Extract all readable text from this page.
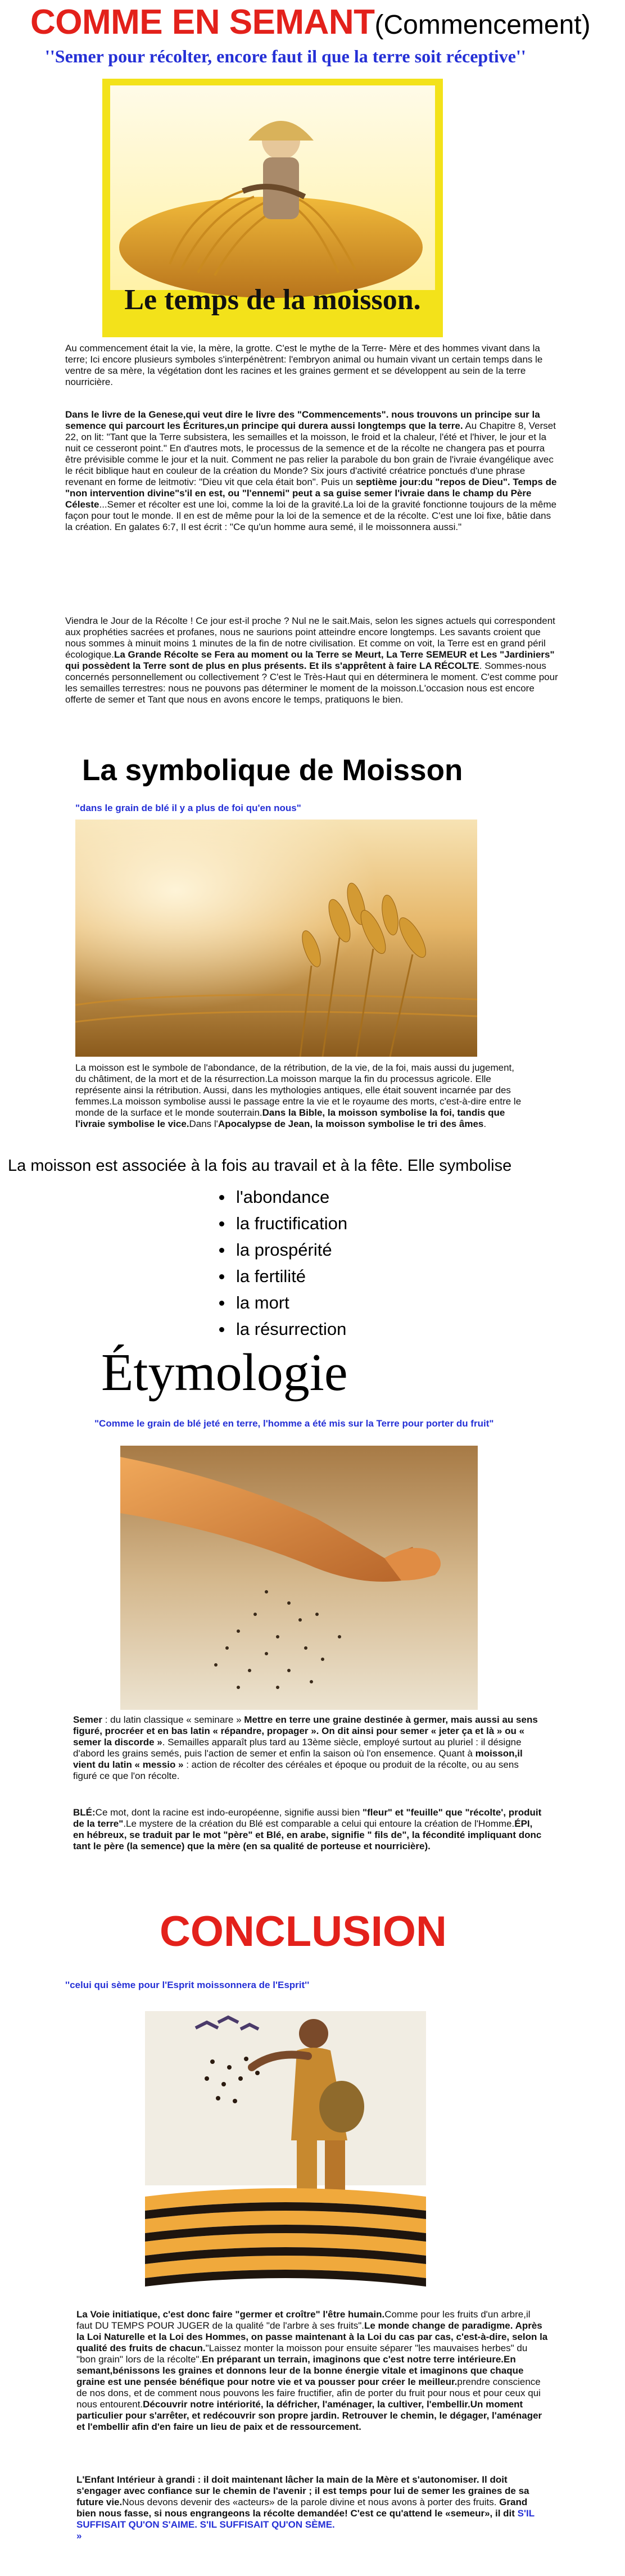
COMME EN SEMANT(Commencement)
''Semer pour récolter, encore faut il que la terre soit réceptive''
Le temps de la moisson.
Au commencement était la vie, la mère, la grotte. C'est le mythe de la Terre- Mère et des hommes vivant dans la terre; Ici encore plusieurs symboles s'interpénètrent: l'embryon animal ou humain vivant un certain temps dans le ventre de sa mère, la végétation dont les racines et les graines germent et se développent au sein de la terre nourricière.
Dans le livre de la Genese,qui veut dire le livre des "Commencements". nous trouvons un principe sur la semence qui parcourt les Écritures,un principe qui durera aussi longtemps que la terre. Au Chapitre 8, Verset 22, on lit: "Tant que la Terre subsistera, les semailles et la moisson, le froid et la chaleur, l'été et l'hiver, le jour et la nuit ce cesseront point." En d'autres mots, le processus de la semence et de la récolte ne changera pas et pourra être prévisible comme le jour et la nuit. Comment ne pas relier la parabole du bon grain de l'ivraie évangélique avec le récit biblique haut en couleur de la création du Monde? Six jours d'activité créatrice ponctués d'une phrase revenant en forme de leitmotiv: "Dieu vit que cela était bon". Puis un septième jour:du "repos de Dieu". Temps de "non intervention divine"s'il en est, ou "l'ennemi" peut a sa guise semer l'ivraie dans le champ du Père Céleste...Semer et récolter est une loi, comme la loi de la gravité.La loi de la gravité fonctionne toujours de la même façon pour tout le monde. Il en est de même pour la loi de la semence et de la récolte. C'est une loi fixe, bâtie dans la création. En galates 6:7, Il est écrit : "Ce qu'un homme aura semé, il le moissonnera aussi."
Viendra le Jour de la Récolte ! Ce jour est-il proche ? Nul ne le sait.Mais, selon les signes actuels qui correspondent aux prophéties sacrées et profanes, nous ne saurions point atteindre encore longtemps. Les savants croient que nous sommes à minuit moins 1 minutes de la fin de notre civilisation. Et comme on voit, la Terre est en grand péril écologique.La Grande Récolte se Fera au moment ou la Terre se Meurt, La Terre SEMEUR et Les "Jardiniers" qui possèdent la Terre sont de plus en plus présents. Et ils s'apprêtent à faire LA RÉCOLTE. Sommes-nous concernés personnellement ou collectivement ? C'est le Très-Haut qui en déterminera le moment. C'est comme pour les semailles terrestres: nous ne pouvons pas déterminer le moment de la moisson.L'occasion nous est encore offerte de semer et Tant que nous en avons encore le temps, pratiquons le bien.
La symbolique de Moisson
"dans le grain de blé il y a plus de foi qu'en nous"
La moisson est le symbole de l'abondance, de la rétribution, de la vie, de la foi, mais aussi du jugement, du châtiment, de la mort et de la résurrection.La moisson marque la fin du processus agricole. Elle représente ainsi la rétribution. Aussi, dans les mythologies antiques, elle était souvent incarnée par des femmes.La moisson symbolise aussi le passage entre la vie et le royaume des morts, c'est-à-dire entre le monde de la surface et le monde souterrain.Dans la Bible, la moisson symbolise la foi, tandis que l'ivraie symbolise le vice.Dans l'Apocalypse de Jean, la moisson symbolise le tri des âmes.
La moisson est associée à la fois au travail et à la fête. Elle symbolise
l'abondance
la fructification
la prospérité
la fertilité
la mort
la résurrection
Étymologie
"Comme le grain de blé jeté en terre, l'homme a été mis sur la Terre pour porter du fruit"
Semer : du latin classique « seminare » Mettre en terre une graine destinée à germer, mais aussi au sens figuré, procréer et en bas latin « répandre, propager ». On dit ainsi pour semer « jeter ça et là » ou « semer la discorde ». Semailles apparaît plus tard au 13ème siècle, employé surtout au pluriel : il désigne d'abord les grains semés, puis l'action de semer et enfin la saison où l'on ensemence. Quant à moisson,il vient du latin « messio » : action de récolter des céréales et époque ou produit de la récolte, ou au sens figuré ce que l'on récolte.
BLÉ:Ce mot, dont la racine est indo-européenne, signifie aussi bien "fleur" et "feuille" que "récolte', produit de la terre".Le mystere de la création du Blé est comparable a celui qui entoure la création de l'Homme.ÉPI, en hébreux, se traduit par le mot "père" et Blé, en arabe, signifie " fils de", la fécondité impliquant donc tant le père (la semence) que la mère (en sa qualité de porteuse et nourricière).
CONCLUSION
''celui qui sème pour l'Esprit moissonnera de l'Esprit''
La Voie initiatique, c'est donc faire "germer et croître" l'être humain.Comme pour les fruits d'un arbre,il faut DU TEMPS POUR JUGER de la qualité "de l'arbre à ses fruits".Le monde change de paradigme. Après la Loi Naturelle et la Loi des Hommes, on passe maintenant à la Loi du cas par cas, c'est-à-dire, selon la qualité des fruits de chacun."Laissez monter la moisson pour ensuite séparer "les mauvaises herbes" du "bon grain" lors de la récolte".En préparant un terrain, imaginons que c'est notre terre intérieure.En semant,bénissons les graines et donnons leur de la bonne énergie vitale et imaginons que chaque graine est une pensée bénéfique pour notre vie et va pousser pour créer le meilleur.prendre conscience de nos dons, et de comment nous pouvons les faire fructifier, afin de porter du fruit pour nous et pour ceux qui nous entourent.Découvrir notre intériorité, la défricher, l'aménager, la cultiver, l'embellir.Un moment particulier pour s'arrêter, et redécouvrir son propre jardin. Retrouver le chemin, le dégager, l'aménager et l'embellir afin d'en faire un lieu de paix et de ressourcement.
L'Enfant Intérieur à grandi : il doit maintenant lâcher la main de la Mère et s'autonomiser. Il doit s'engager avec confiance sur le chemin de l'avenir ; il est temps pour lui de semer les graines de sa future vie.Nous devons devenir des «acteurs» de la parole divine et nous avons à porter des fruits. Grand bien nous fasse, si nous engrangeons la récolte demandée! C'est ce qu'attend le «semeur», il dit S'IL SUFFISAIT QU'ON S'AIME. S'IL SUFFISAIT QU'ON SÈME.
»
